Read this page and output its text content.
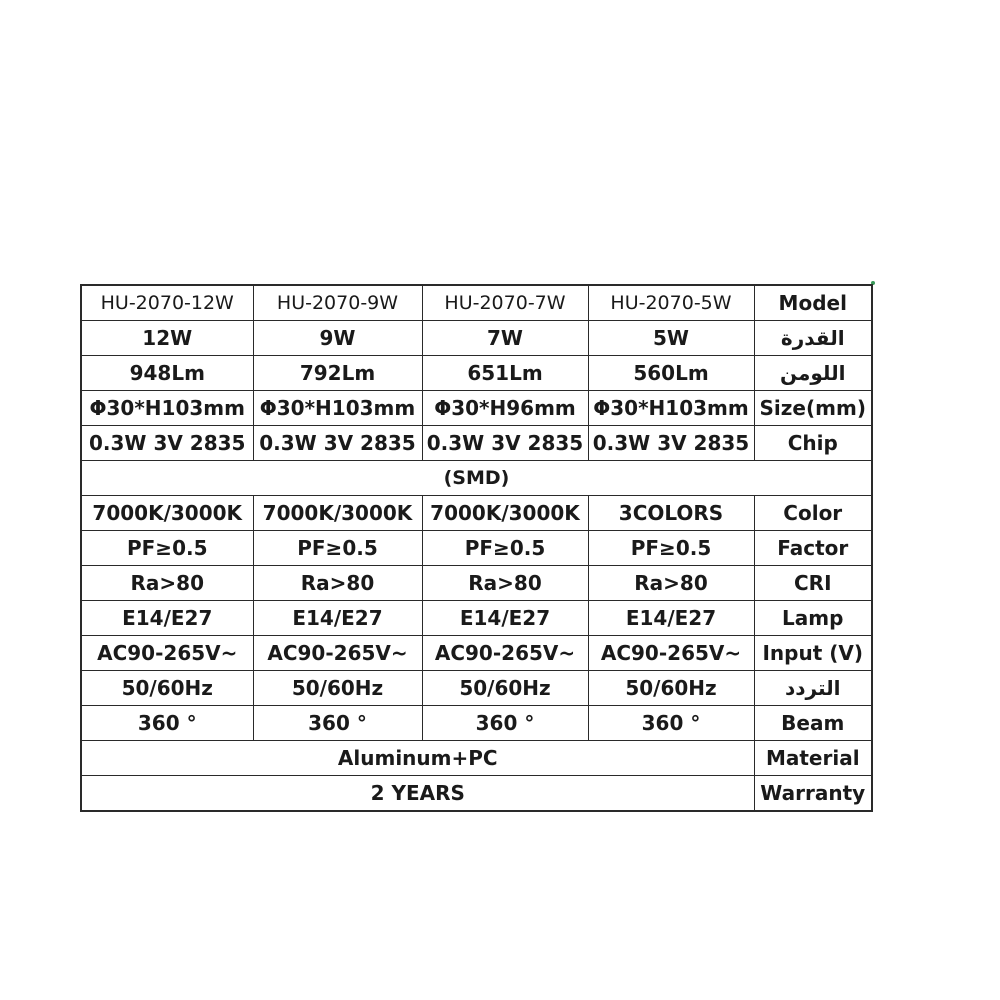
HU-2070-12W	HU-2070-9W	HU-2070-7W	HU-2070-5W	Model
12W	9W	7W	5W	القدرة
948Lm	792Lm	651Lm	560Lm	اللومن
Φ30*H103mm	Φ30*H103mm	Φ30*H96mm	Φ30*H103mm	Size(mm)
0.3W 3V 2835	0.3W 3V 2835	0.3W 3V 2835	0.3W 3V 2835	Chip
(SMD)				
7000K/3000K	7000K/3000K	7000K/3000K	3COLORS	Color
PF≥0.5	PF≥0.5	PF≥0.5	PF≥0.5	Factor
Ra>80	Ra>80	Ra>80	Ra>80	CRI
E14/E27	E14/E27	E14/E27	E14/E27	Lamp
AC90-265V~	AC90-265V~	AC90-265V~	AC90-265V~	Input (V)
50/60Hz	50/60Hz	50/60Hz	50/60Hz	التردد
360 °	360 °	360 °	360 °	Beam
Aluminum+PC				Material
2 YEARS				Warranty
